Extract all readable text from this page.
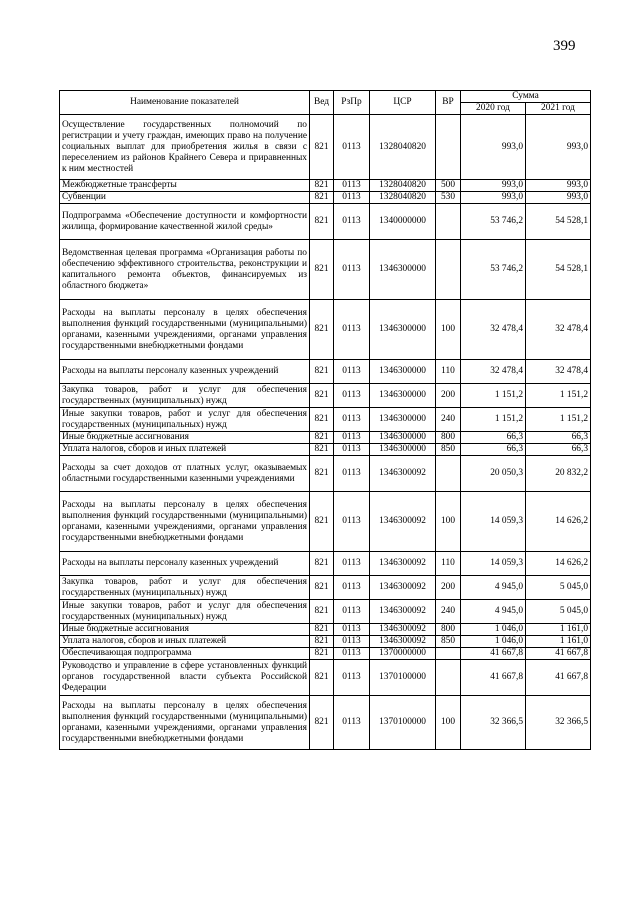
399
Наименование показателей	Вед	РзПр	ЦСР	ВР	Сумма	
					2020 год	2021 год
Осуществление государственных полномочий по регистрации и учету граждан, имеющих право на получение социальных выплат для приобретения жилья в связи с переселением из районов Крайнего Севера и приравненных к ним местностей	821	0113	1328040820		993,0	993,0
Межбюджетные трансферты	821	0113	1328040820	500	993,0	993,0
Субвенции	821	0113	1328040820	530	993,0	993,0
Подпрограмма «Обеспечение доступности и комфортности жилища, формирование качественной жилой среды»	821	0113	1340000000		53 746,2	54 528,1
Ведомственная целевая программа «Организация работы по обеспечению эффективного строительства, реконструкции и капитального ремонта объектов, финансируемых из областного бюджета»	821	0113	1346300000		53 746,2	54 528,1
Расходы на выплаты персоналу в целях обеспечения выполнения функций государственными (муниципальными) органами, казенными учреждениями, органами управления государственными внебюджетными фондами	821	0113	1346300000	100	32 478,4	32 478,4
Расходы на выплаты персоналу казенных учреждений	821	0113	1346300000	110	32 478,4	32 478,4
Закупка товаров, работ и услуг для обеспечения государственных (муниципальных) нужд	821	0113	1346300000	200	1 151,2	1 151,2
Иные закупки товаров, работ и услуг для обеспечения государственных (муниципальных) нужд	821	0113	1346300000	240	1 151,2	1 151,2
Иные бюджетные ассигнования	821	0113	1346300000	800	66,3	66,3
Уплата налогов, сборов и иных платежей	821	0113	1346300000	850	66,3	66,3
Расходы за счет доходов от платных услуг, оказываемых областными государственными казенными учреждениями	821	0113	1346300092		20 050,3	20 832,2
Расходы на выплаты персоналу в целях обеспечения выполнения функций государственными (муниципальными) органами, казенными учреждениями, органами управления государственными внебюджетными фондами	821	0113	1346300092	100	14 059,3	14 626,2
Расходы на выплаты персоналу казенных учреждений	821	0113	1346300092	110	14 059,3	14 626,2
Закупка товаров, работ и услуг для обеспечения государственных (муниципальных) нужд	821	0113	1346300092	200	4 945,0	5 045,0
Иные закупки товаров, работ и услуг для обеспечения государственных (муниципальных) нужд	821	0113	1346300092	240	4 945,0	5 045,0
Иные бюджетные ассигнования	821	0113	1346300092	800	1 046,0	1 161,0
Уплата налогов, сборов и иных платежей	821	0113	1346300092	850	1 046,0	1 161,0
Обеспечивающая подпрограмма	821	0113	1370000000		41 667,8	41 667,8
Руководство и управление в сфере установленных функций органов государственной власти субъекта Российской Федерации	821	0113	1370100000		41 667,8	41 667,8
Расходы на выплаты персоналу в целях обеспечения выполнения функций государственными (муниципальными) органами, казенными учреждениями, органами управления государственными внебюджетными фондами	821	0113	1370100000	100	32 366,5	32 366,5
